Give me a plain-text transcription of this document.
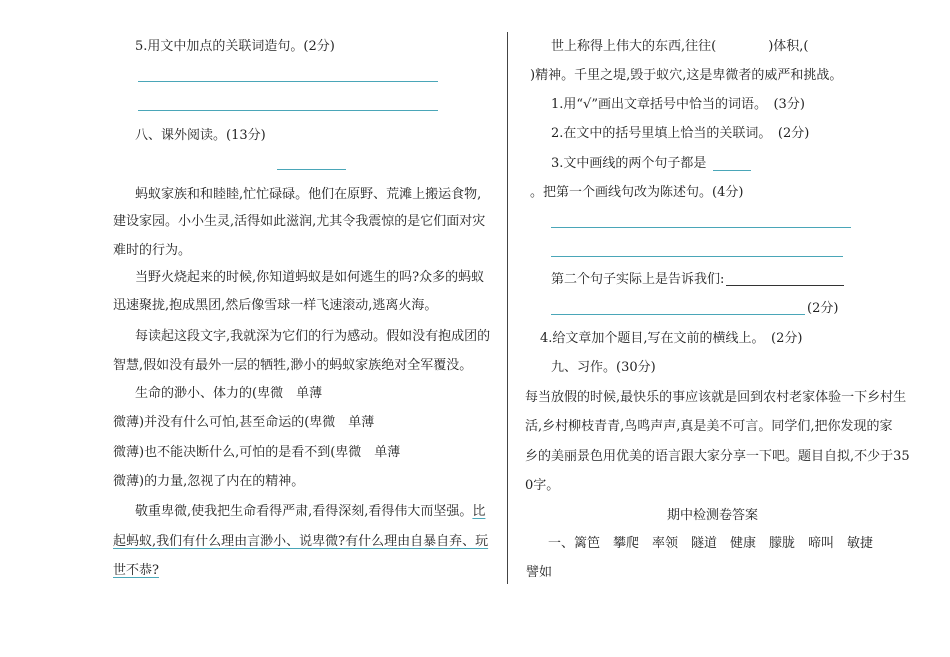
5.用文中加点的关联词造句。(2分)
八、课外阅读。(13分)
蚂蚁家族和和睦睦,忙忙碌碌。他们在原野、荒滩上搬运食物,
建设家园。小小生灵,活得如此滋润,尤其令我震惊的是它们面对灾
难时的行为。
当野火烧起来的时候,你知道蚂蚁是如何逃生的吗?众多的蚂蚁
迅速聚拢,抱成黑团,然后像雪球一样飞速滚动,逃离火海。
每读起这段文字,我就深为它们的行为感动。假如没有抱成团的
智慧,假如没有最外一层的牺牲,渺小的蚂蚁家族绝对全军覆没。
生命的渺小、体力的(卑微　单薄
微薄)并没有什么可怕,甚至命运的(卑微　单薄
微薄)也不能决断什么,可怕的是看不到(卑微　单薄
微薄)的力量,忽视了内在的精神。
敬重卑微,使我把生命看得严肃,看得深刻,看得伟大而坚强。比
起蚂蚁,我们有什么理由言渺小、说卑微?有什么理由自暴自弃、玩
世不恭?
世上称得上伟大的东西,往往(　　　　)体积,(
)精神。千里之堤,毁于蚁穴,这是卑微者的威严和挑战。
1.用“√”画出文章括号中恰当的词语。　(3分)
2.在文中的括号里填上恰当的关联词。　(2分)
3.文中画线的两个句子都是
。把第一个画线句改为陈述句。(4分)
第二个句子实际上是告诉我们:
(2分)
4.给文章加个题目,写在文前的横线上。　(2分)
九、习作。(30分)
每当放假的时候,最快乐的事应该就是回到农村老家体验一下乡村生
活,乡村柳枝青青,鸟鸣声声,真是美不可言。同学们,把你发现的家
乡的美丽景色用优美的语言跟大家分享一下吧。题目自拟,不少于35
0字。
期中检测卷答案
一、篱笆　攀爬　率领　隧道　健康　朦胧　啼叫　敏捷
譬如
